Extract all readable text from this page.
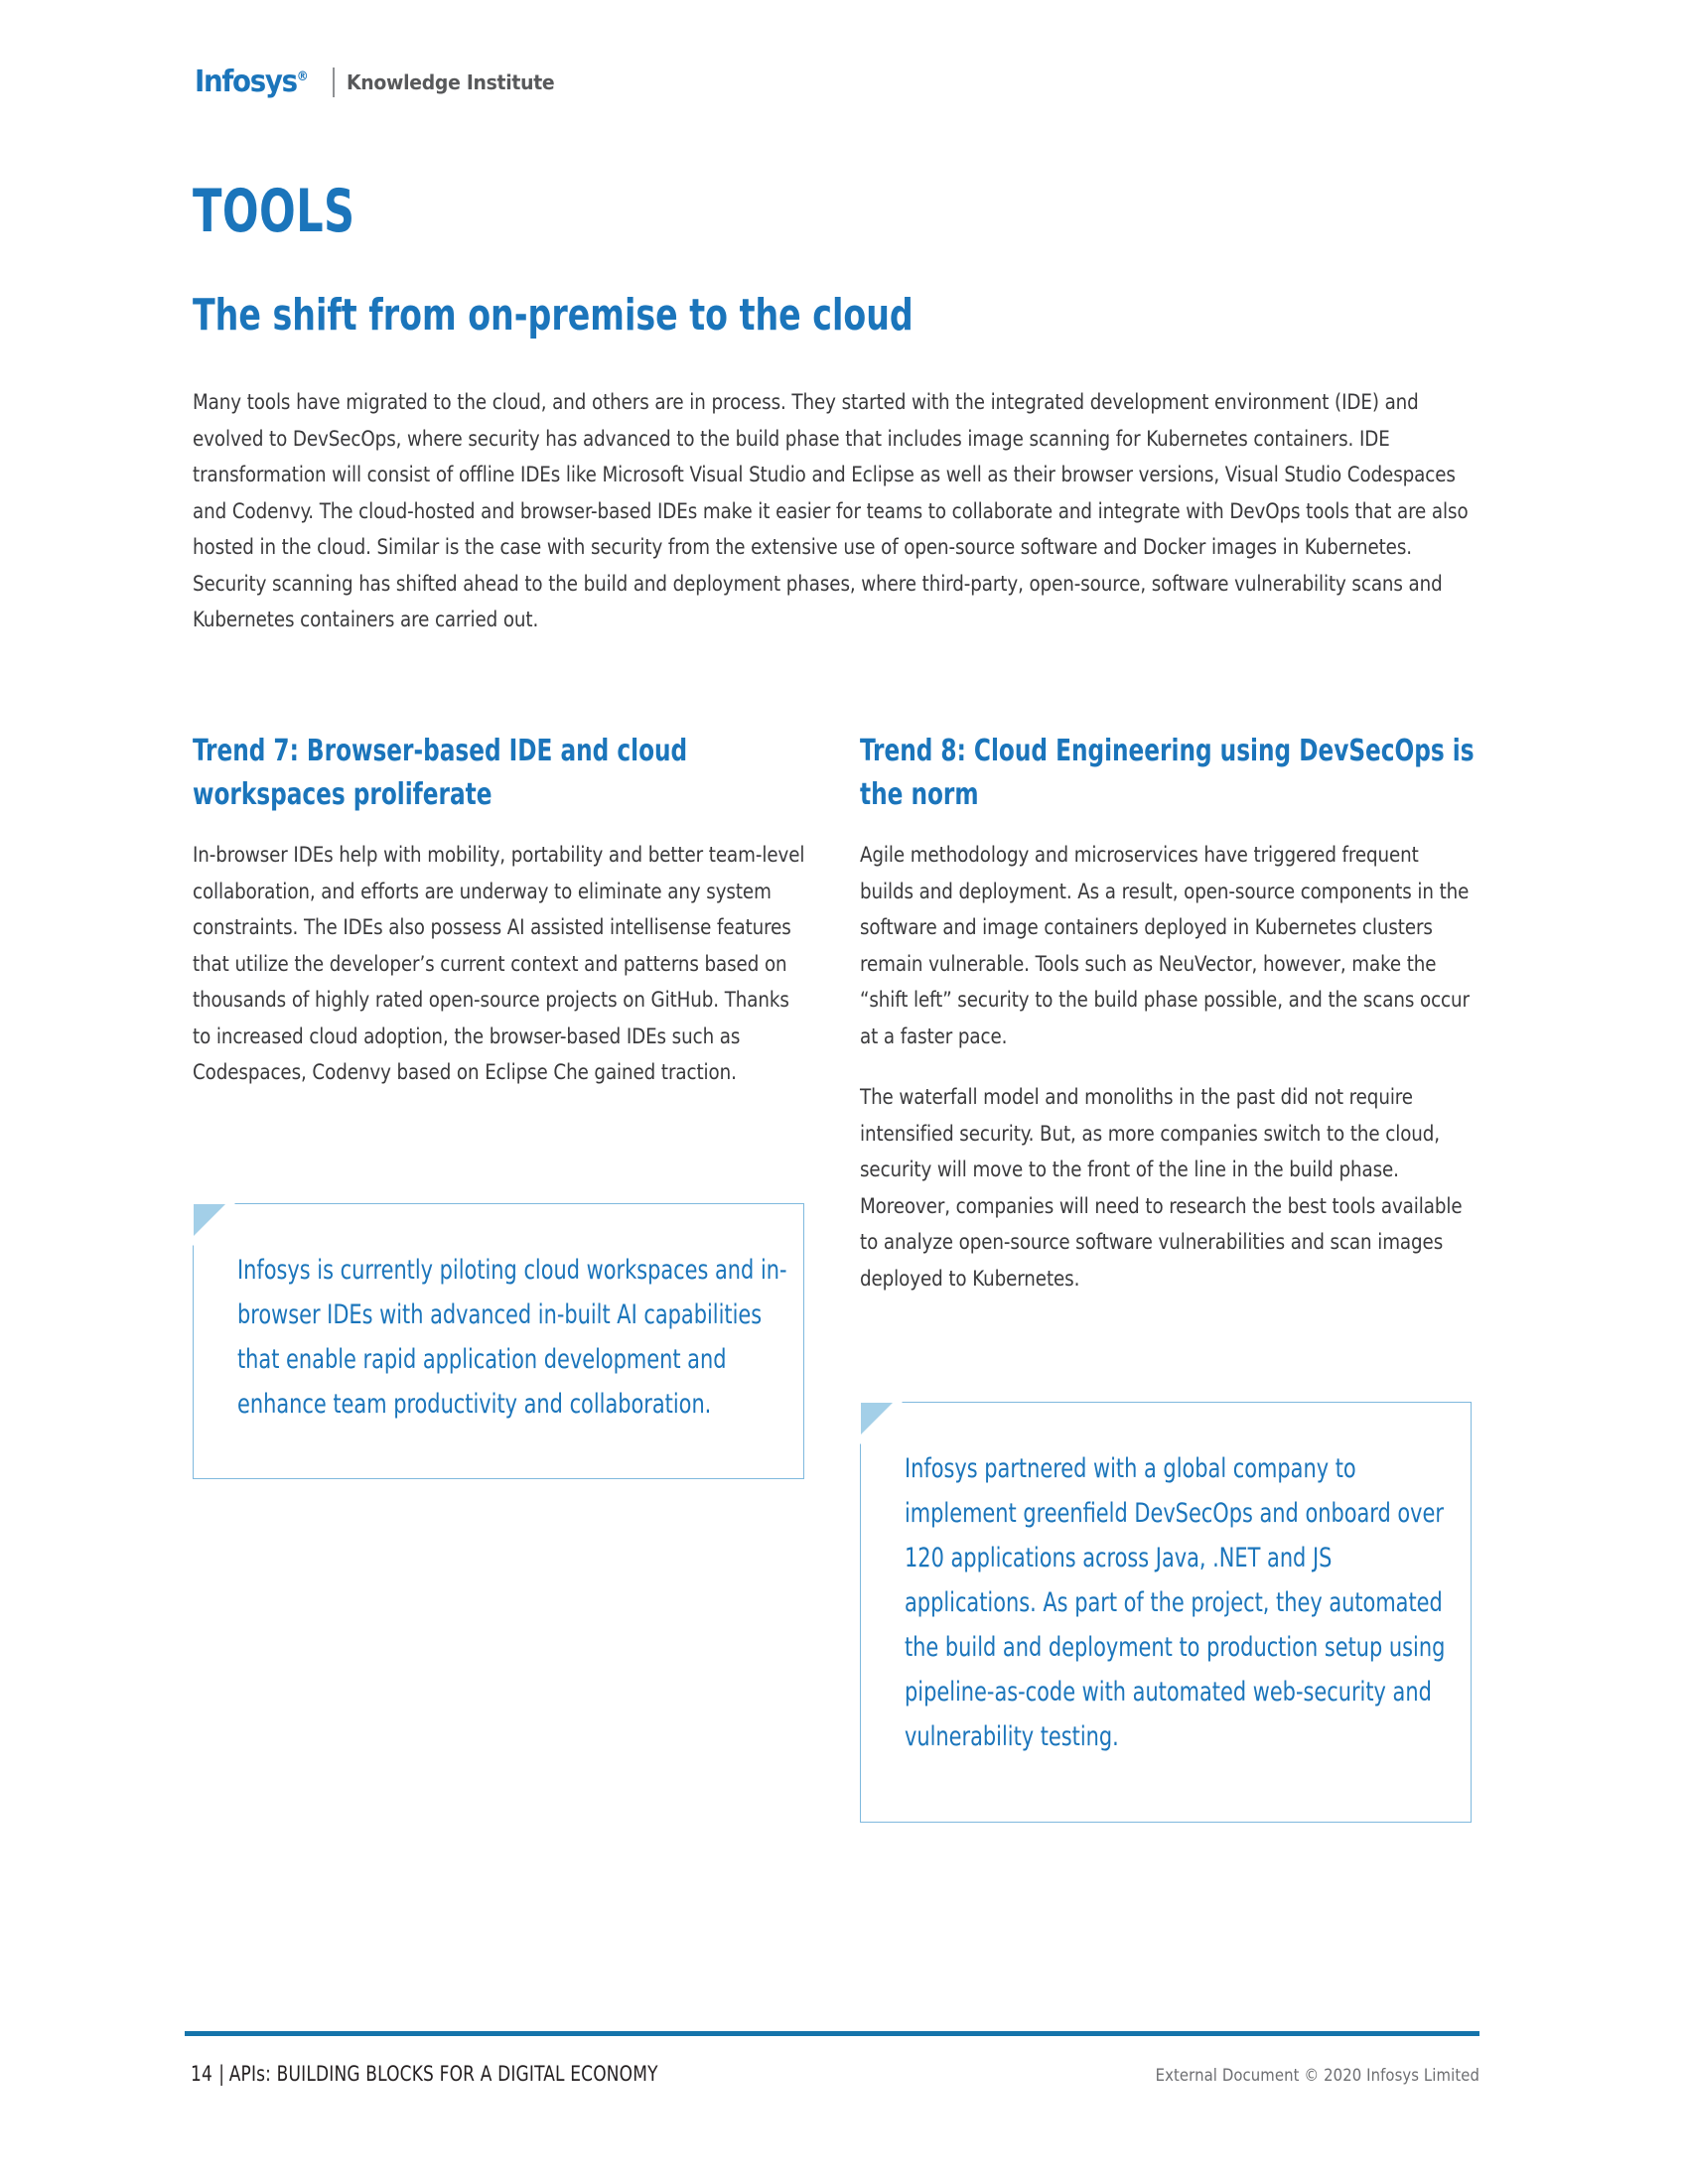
Infosys® Knowledge Institute
TOOLS
The shift from on-premise to the cloud

Many tools have migrated to the cloud, and others are in process. They started with the integrated development environment (IDE) and evolved to DevSecOps, where security has advanced to the build phase that includes image scanning for Kubernetes containers. IDE transformation will consist of offline IDEs like Microsoft Visual Studio and Eclipse as well as their browser versions, Visual Studio Codespaces and Codenvy. The cloud-hosted and browser-based IDEs make it easier for teams to collaborate and integrate with DevOps tools that are also hosted in the cloud. Similar is the case with security from the extensive use of open-source software and Docker images in Kubernetes. Security scanning has shifted ahead to the build and deployment phases, where third-party, open-source, software vulnerability scans and Kubernetes containers are carried out.

Trend 7: Browser-based IDE and cloud workspaces proliferate

In-browser IDEs help with mobility, portability and better team-level collaboration, and efforts are underway to eliminate any system constraints. The IDEs also possess AI assisted intellisense features that utilize the developer’s current context and patterns based on thousands of highly rated open-source projects on GitHub. Thanks to increased cloud adoption, the browser-based IDEs such as Codespaces, Codenvy based on Eclipse Che gained traction.

Trend 8: Cloud Engineering using DevSecOps is the norm

Agile methodology and microservices have triggered frequent builds and deployment. As a result, open-source components in the software and image containers deployed in Kubernetes clusters remain vulnerable. Tools such as NeuVector, however, make the “shift left” security to the build phase possible, and the scans occur at a faster pace.

The waterfall model and monoliths in the past did not require intensified security. But, as more companies switch to the cloud, security will move to the front of the line in the build phase. Moreover, companies will need to research the best tools available to analyze open-source software vulnerabilities and scan images deployed to Kubernetes.

Infosys is currently piloting cloud workspaces and in-browser IDEs with advanced in-built AI capabilities that enable rapid application development and enhance team productivity and collaboration.
Infosys partnered with a global company to implement greenfield DevSecOps and onboard over 120 applications across Java, .NET and JS applications. As part of the project, they automated the build and deployment to production setup using pipeline-as-code with automated web-security and vulnerability testing.
14 | APIs: BUILDING BLOCKS FOR A DIGITAL ECONOMY	External Document © 2020 Infosys Limited
